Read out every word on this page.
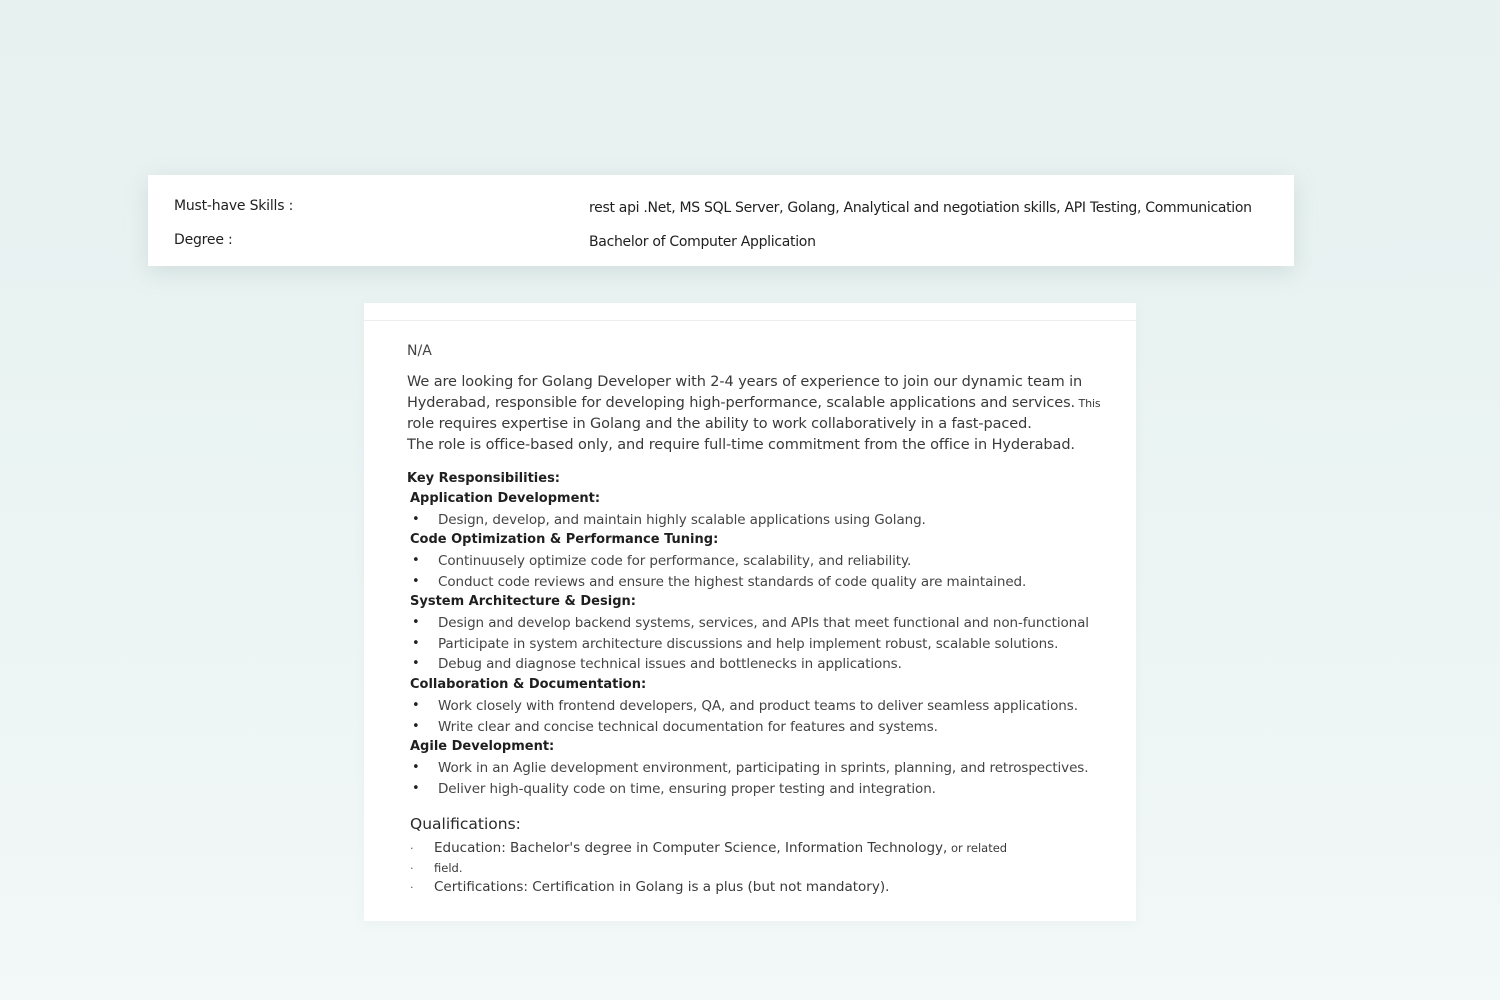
Must-have Skills :	rest api .Net, MS SQL Server, Golang, Analytical and negotiation skills, API Testing, Communication
Degree :	Bachelor of Computer Application

N/A

We are looking for Golang Developer with 2-4 years of experience to join our dynamic team in Hyderabad, responsible for developing high-performance, scalable applications and services. This role requires expertise in Golang and the ability to work collaboratively in a fast-paced.
The role is office-based only, and require full-time commitment from the office in Hyderabad.

Key Responsibilities:

Application Development:

• Design, develop, and maintain highly scalable applications using Golang.

Code Optimization & Performance Tuning:

• Continuusely optimize code for performance, scalability, and reliability.
• Conduct code reviews and ensure the highest standards of code quality are maintained.

System Architecture & Design:

• Design and develop backend systems, services, and APIs that meet functional and non-functional
• Participate in system architecture discussions and help implement robust, scalable solutions.
• Debug and diagnose technical issues and bottlenecks in applications.

Collaboration & Documentation:

• Work closely with frontend developers, QA, and product teams to deliver seamless applications.
• Write clear and concise technical documentation for features and systems.

Agile Development:

• Work in an Aglie development environment, participating in sprints, planning, and retrospectives.
• Deliver high-quality code on time, ensuring proper testing and integration.

Qualifications:

· Education: Bachelor's degree in Computer Science, Information Technology, or related
· field.
· Certifications: Certification in Golang is a plus (but not mandatory).
